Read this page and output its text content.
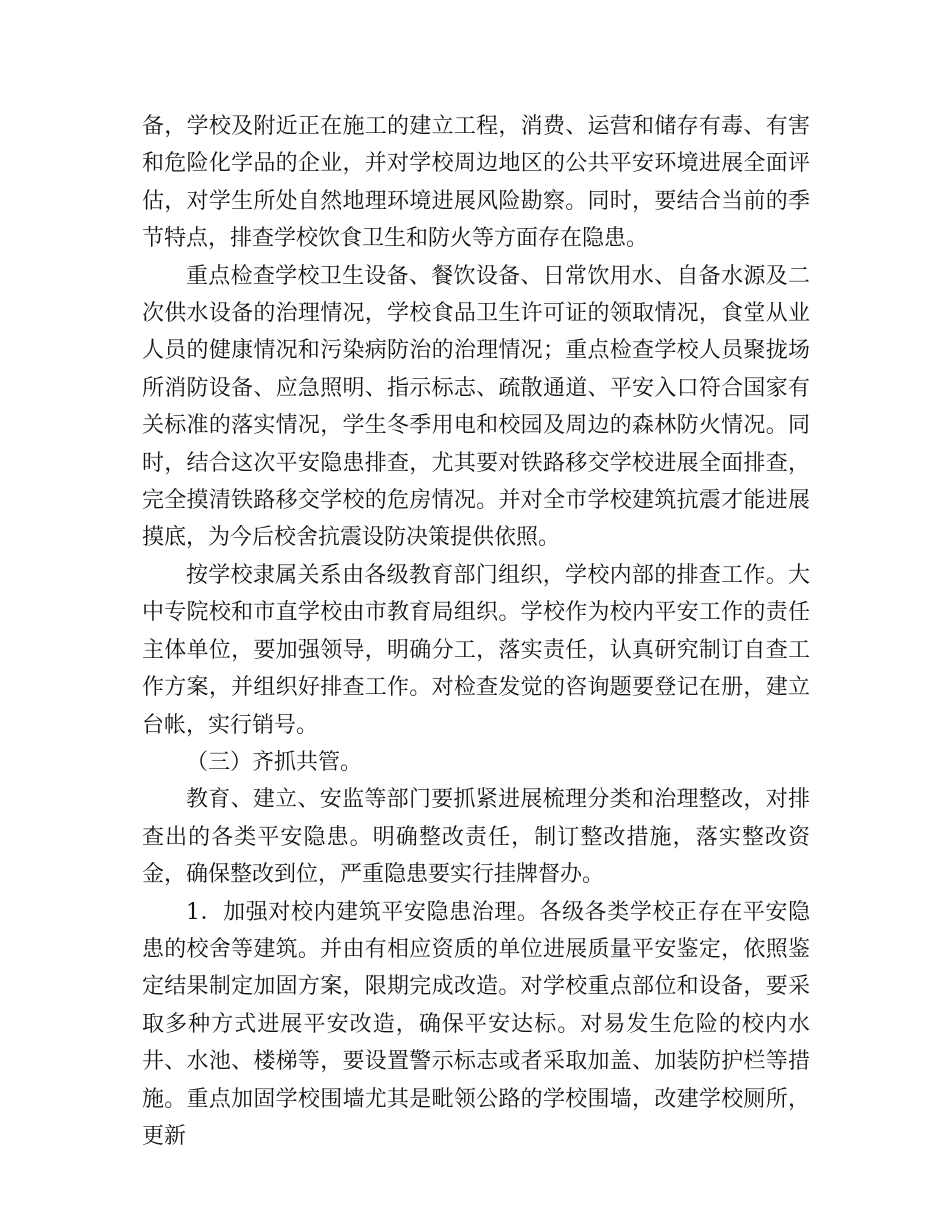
备，学校及附近正在施工的建立工程，消费、运营和储存有毒、有害和危险化学品的企业，并对学校周边地区的公共平安环境进展全面评估，对学生所处自然地理环境进展风险勘察。同时，要结合当前的季节特点，排查学校饮食卫生和防火等方面存在隐患。

重点检查学校卫生设备、餐饮设备、日常饮用水、自备水源及二次供水设备的治理情况，学校食品卫生许可证的领取情况，食堂从业人员的健康情况和污染病防治的治理情况；重点检查学校人员聚拢场所消防设备、应急照明、指示标志、疏散通道、平安入口符合国家有关标准的落实情况，学生冬季用电和校园及周边的森林防火情况。同时，结合这次平安隐患排查，尤其要对铁路移交学校进展全面排查，完全摸清铁路移交学校的危房情况。并对全市学校建筑抗震才能进展摸底，为今后校舍抗震设防决策提供依照。

按学校隶属关系由各级教育部门组织，学校内部的排查工作。大中专院校和市直学校由市教育局组织。学校作为校内平安工作的责任主体单位，要加强领导，明确分工，落实责任，认真研究制订自查工作方案，并组织好排查工作。对检查发觉的咨询题要登记在册，建立台帐，实行销号。

（三）齐抓共管。

教育、建立、安监等部门要抓紧进展梳理分类和治理整改，对排查出的各类平安隐患。明确整改责任，制订整改措施，落实整改资金，确保整改到位，严重隐患要实行挂牌督办。

1．加强对校内建筑平安隐患治理。各级各类学校正存在平安隐患的校舍等建筑。并由有相应资质的单位进展质量平安鉴定，依照鉴定结果制定加固方案，限期完成改造。对学校重点部位和设备，要采取多种方式进展平安改造，确保平安达标。对易发生危险的校内水井、水池、楼梯等，要设置警示标志或者采取加盖、加装防护栏等措施。重点加固学校围墙尤其是毗领公路的学校围墙，改建学校厕所，更新
